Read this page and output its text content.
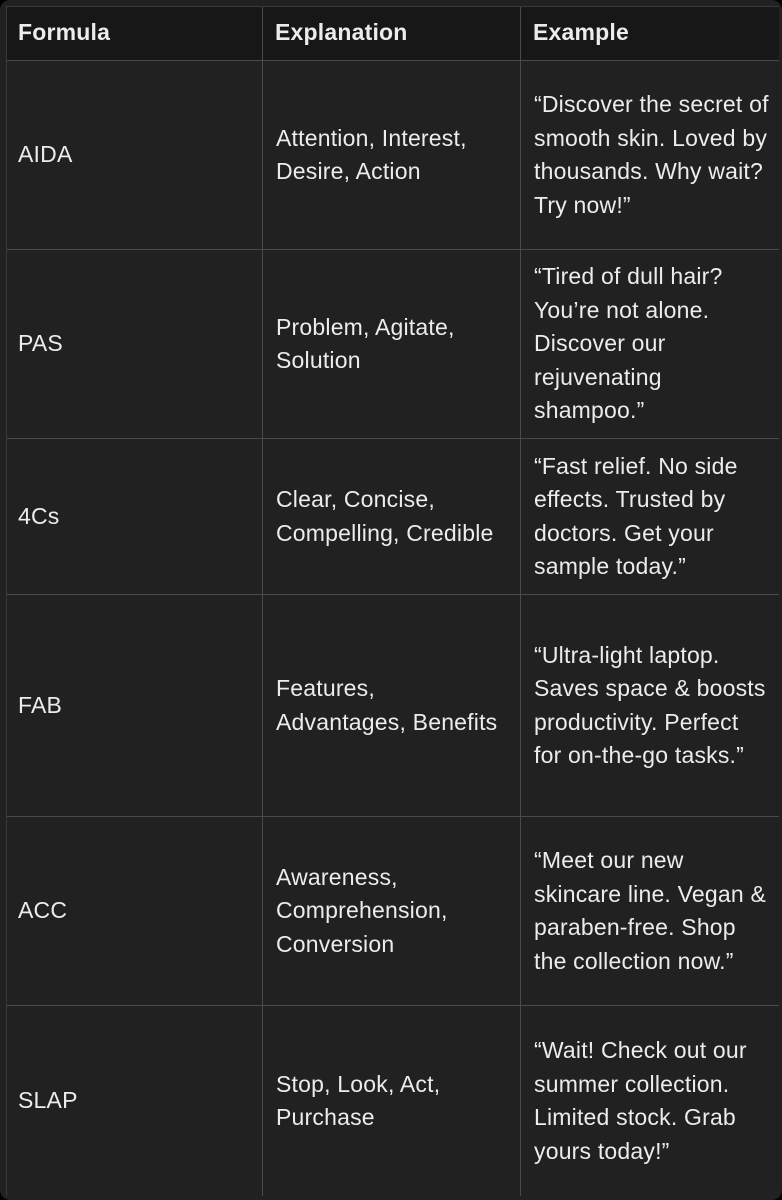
Formula	Explanation	Example
AIDA
Attention, Interest, Desire, Action
“Discover the secret of smooth skin. Loved by thousands. Why wait? Try now!”
PAS
Problem, Agitate, Solution
“Tired of dull hair? You’re not alone. Discover our rejuvenating shampoo.”
4Cs
Clear, Concise, Compelling, Credible
“Fast relief. No side effects. Trusted by doctors. Get your sample today.”
FAB
Features, Advantages, Benefits
“Ultra-light laptop. Saves space & boosts productivity. Perfect for on-the-go tasks.”
ACC
Awareness, Comprehension, Conversion
“Meet our new skincare line. Vegan & paraben-free. Shop the collection now.”
SLAP
Stop, Look, Act, Purchase
“Wait! Check out our summer collection. Limited stock. Grab yours today!”
